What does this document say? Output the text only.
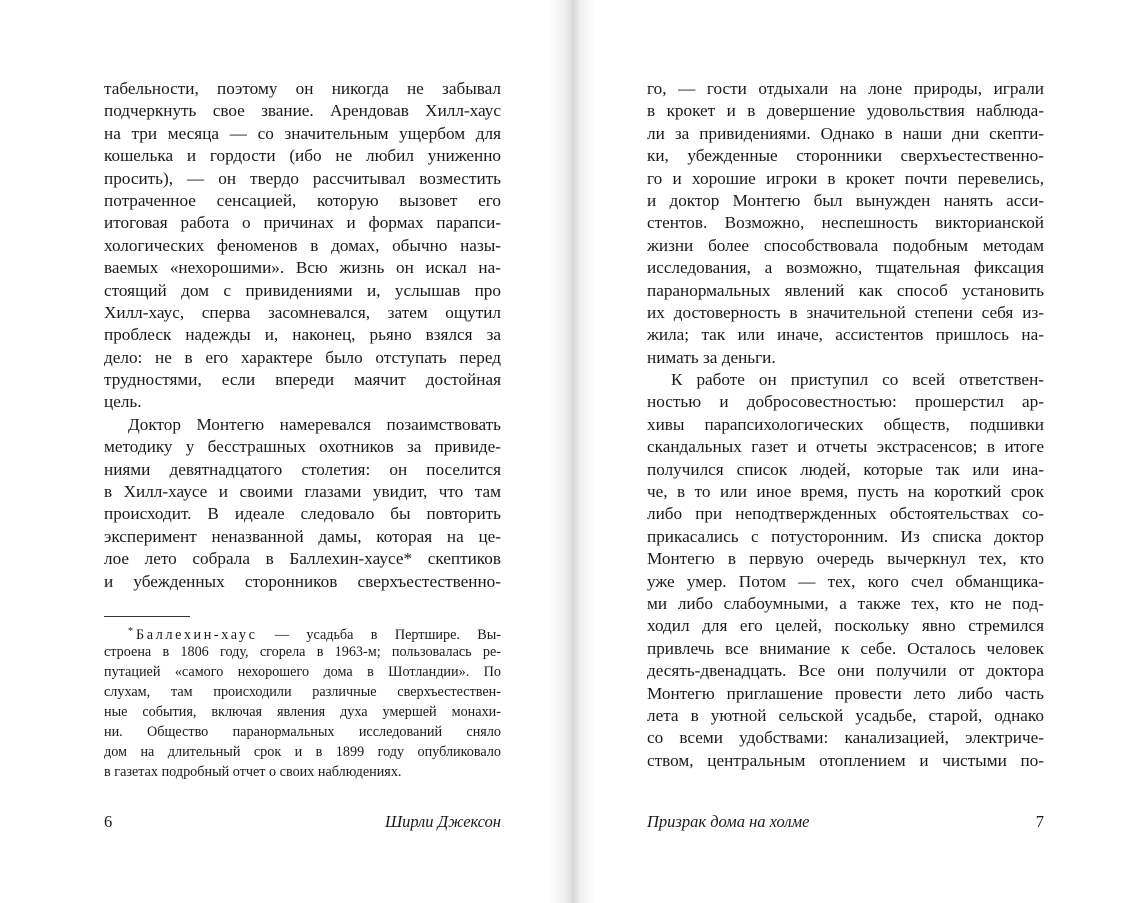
табельности, поэтому он никогда не забывал
подчеркнуть свое звание. Арендовав Хилл-хаус
на три месяца — со значительным ущербом для
кошелька и гордости (ибо не любил униженно
просить), — он твердо рассчитывал возместить
потраченное сенсацией, которую вызовет его
итоговая работа о причинах и формах парапси-
хологических феноменов в домах, обычно назы-
ваемых «нехорошими». Всю жизнь он искал на-
стоящий дом с привидениями и, услышав про
Хилл-хаус, сперва засомневался, затем ощутил
проблеск надежды и, наконец, рьяно взялся за
дело: не в его характере было отступать перед
трудностями, если впереди маячит достойная
цель.
Доктор Монтегю намеревался позаимствовать
методику у бесстрашных охотников за привиде-
ниями девятнадцатого столетия: он поселится
в Хилл-хаусе и своими глазами увидит, что там
происходит. В идеале следовало бы повторить
эксперимент неназванной дамы, которая на це-
лое лето собрала в Баллехин-хаусе* скептиков
и убежденных сторонников сверхъестественно-
* Баллехин-хаус — усадьба в Пертшире. Вы-
строена в 1806 году, сгорела в 1963-м; пользовалась ре-
путацией «самого нехорошего дома в Шотландии». По
слухам, там происходили различные сверхъестествен-
ные события, включая явления духа умершей монахи-
ни. Общество паранормальных исследований сняло
дом на длительный срок и в 1899 году опубликовало
в газетах подробный отчет о своих наблюдениях.
6	Ширли Джексон
го, — гости отдыхали на лоне природы, играли
в крокет и в довершение удовольствия наблюда-
ли за привидениями. Однако в наши дни скепти-
ки, убежденные сторонники сверхъестественно-
го и хорошие игроки в крокет почти перевелись,
и доктор Монтегю был вынужден нанять асси-
стентов. Возможно, неспешность викторианской
жизни более способствовала подобным методам
исследования, а возможно, тщательная фиксация
паранормальных явлений как способ установить
их достоверность в значительной степени себя из-
жила; так или иначе, ассистентов пришлось на-
нимать за деньги.
К работе он приступил со всей ответствен-
ностью и добросовестностью: прошерстил ар-
хивы парапсихологических обществ, подшивки
скандальных газет и отчеты экстрасенсов; в итоге
получился список людей, которые так или ина-
че, в то или иное время, пусть на короткий срок
либо при неподтвержденных обстоятельствах со-
прикасались с потусторонним. Из списка доктор
Монтегю в первую очередь вычеркнул тех, кто
уже умер. Потом — тех, кого счел обманщика-
ми либо слабоумными, а также тех, кто не под-
ходил для его целей, поскольку явно стремился
привлечь все внимание к себе. Осталось человек
десять-двенадцать. Все они получили от доктора
Монтегю приглашение провести лето либо часть
лета в уютной сельской усадьбе, старой, однако
со всеми удобствами: канализацией, электриче-
ством, центральным отоплением и чистыми по-
Призрак дома на холме	7
